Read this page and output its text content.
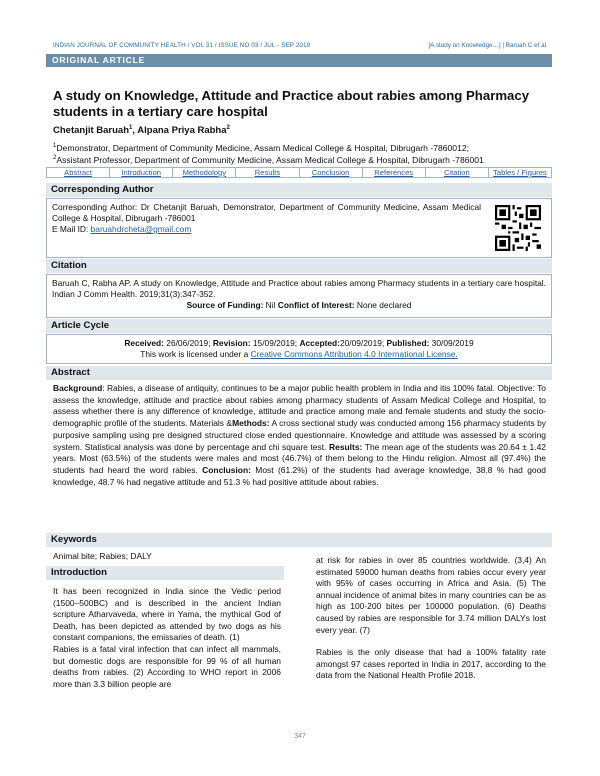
INDIAN JOURNAL OF COMMUNITY HEALTH / VOL 31 / ISSUE NO 03 / JUL - SEP 2019	[A study on Knowledge…] | Baruah C et al
ORIGINAL ARTICLE
A study on Knowledge, Attitude and Practice about rabies among Pharmacy students in a tertiary care hospital
Chetanjit Baruah$^1$, Alpana Priya Rabha$^2$
$^1$Demonstrator, Department of Community Medicine, Assam Medical College & Hospital, Dibrugarh -7860012;
$^2$Assistant Professor, Department of Community Medicine, Assam Medical College & Hospital, Dibrugarh -786001
Abstract	Introduction	Methodology	Results	Conclusion	References	Citation	Tables / Figures
Corresponding Author
Corresponding Author: Dr Chetanjit Baruah, Demonstrator, Department of Community Medicine, Assam Medical College & Hospital, Dibrugarh -786001
E Mail ID: baruahdrcheta@gmail.com
Citation
Baruah C, Rabha AP. A study on Knowledge, Attitude and Practice about rabies among Pharmacy students in a tertiary care hospital. Indian J Comm Health. 2019;31(3):347-352.
Source of Funding: Nil Conflict of Interest: None declared
Article Cycle
Received: 26/06/2019; Revision: 15/09/2019; Accepted:20/09/2019; Published: 30/09/2019
This work is licensed under a Creative Commons Attribution 4.0 International License.
Abstract
Background: Rabies, a disease of antiquity, continues to be a major public health problem in India and itis 100% fatal. Objective: To assess the knowledge, attitude and practice about rabies among pharmacy students of Assam Medical College and Hospital, to assess whether there is any difference of knowledge, attitude and practice among male and female students and study the socio-demographic profile of the students. Materials &Methods: A cross sectional study was conducted among 156 pharmacy students by purposive sampling using pre designed structured close ended questionnaire. Knowledge and attitude was assessed by a scoring system. Statistical analysis was done by percentage and chi square test. Results: The mean age of the students was 20.64 ± 1.42 years. Most (63.5%) of the students were males and most (46.7%) of them belong to the Hindu religion. Almost all (97.4%) the students had heard the word rabies. Conclusion: Most (61.2%) of the students had average knowledge, 38.8 % had good knowledge, 48.7 % had negative attitude and 51.3 % had positive attitude about rabies.
Keywords
Animal bite; Rabies; DALY
Introduction
It has been recognized in India since the Vedic period (1500–500BC) and is described in the ancient Indian scripture Atharvaveda, where in Yama, the mythical God of Death, has been depicted as attended by two dogs as his constant companions, the emissaries of death. (1)
Rabies is a fatal viral infection that can infect all mammals, but domestic dogs are responsible for 99 % of all human deaths from rabies. (2) According to WHO report in 2006 more than 3.3 billion people are
at risk for rabies in over 85 countries worldwide. (3,4) An estimated 59000 human deaths from rabies occur every year with 95% of cases occurring in Africa and Asia. (5) The annual incidence of animal bites in many countries can be as high as 100-200 bites per 100000 population. (6) Deaths caused by rabies are responsible for 3.74 million DALYs lost every year. (7)
Rabies is the only disease that had a 100% fatality rate amongst 97 cases reported in India in 2017, according to the data from the National Health Profile 2018.
347
